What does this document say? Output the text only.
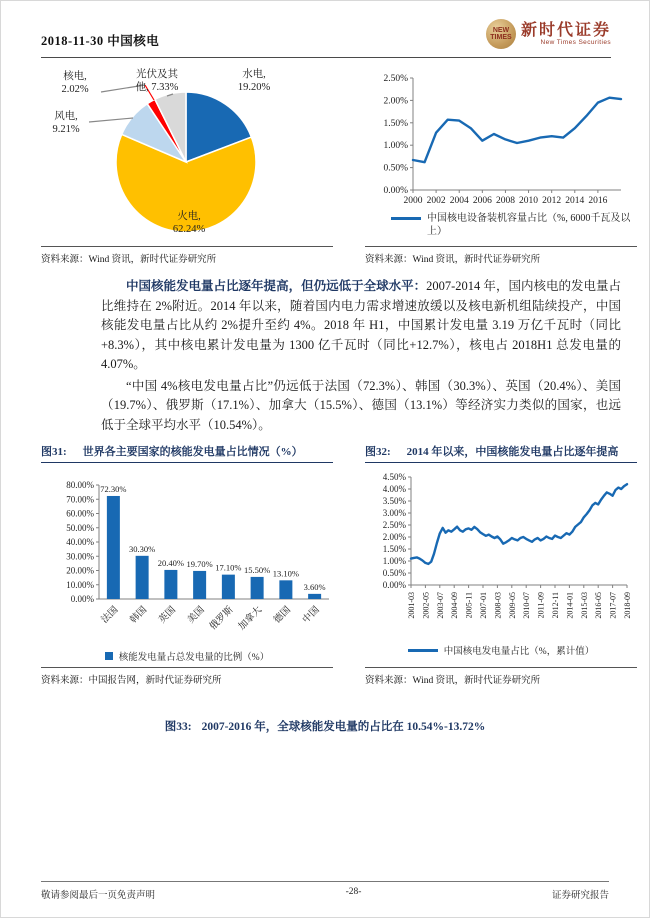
2018-11-30 中国核电
NEW
TIMES 新时代证券
New Times Securities
水电, 19.20%
光伏及其他, 7.33%
核电, 2.02%
风电, 9.21%
火电, 62.24%
资料来源：Wind 资讯，新时代证券研究所
0.00%
0.50%
1.00%
1.50%
2.00%
2.50%
2000 2002 2004 2006 2008 2010 2012 2014 2016
中国核电设备装机容量占比（%, 6000千瓦及以上）
资料来源：Wind 资讯，新时代证券研究所

中国核能发电量占比逐年提高，但仍远低于全球水平：2007-2014 年，国内核电的发电量占比维持在 2%附近。2014 年以来，随着国内电力需求增速放缓以及核电新机组陆续投产，中国核能发电量占比从约 2%提升至约 4%。2018 年 H1，中国累计发电量 3.19 万亿千瓦时（同比+8.3%），其中核电累计发电量为 1300 亿千瓦时（同比+12.7%），核电占 2018H1 总发电量的 4.07%。

“中国 4%核电发电量占比”仍远低于法国（72.3%）、韩国（30.3%）、英国（20.4%）、美国（19.7%）、俄罗斯（17.1%）、加拿大（15.5%）、德国（13.1%）等经济实力类似的国家，也远低于全球平均水平（10.54%）。

图31: 世界各主要国家的核能发电量占比情况（%）	图32: 2014 年以来，中国核能发电量占比逐年提高
0.00%
10.00%
20.00%
30.00%
40.00%
50.00%
60.00%
70.00%
80.00% 72.30%
法国
30.30%
韩国
20.40%
英国
19.70%
美国
17.10%
俄罗斯
15.50%
加拿大
13.10%
德国
3.60%
中国
核能发电量占总发电量的比例（%）
资料来源：中国报告网，新时代证券研究所
0.00%
0.50%
1.00%
1.50%
2.00%
2.50%
3.00%
3.50%
4.00%
4.50%
2001-03 2002-05 2003-07 2004-09 2005-11 2007-01 2008-03 2009-05 2010-07 2011-09 2012-11 2014-01 2015-03 2016-05 2017-07 2018-09
中国核电发电量占比（%，累计值）
资料来源：Wind 资讯，新时代证券研究所
图33: 2007-2016 年，全球核能发电量的占比在 10.54%-13.72%
敬请参阅最后一页免责声明	-28-	证券研究报告
